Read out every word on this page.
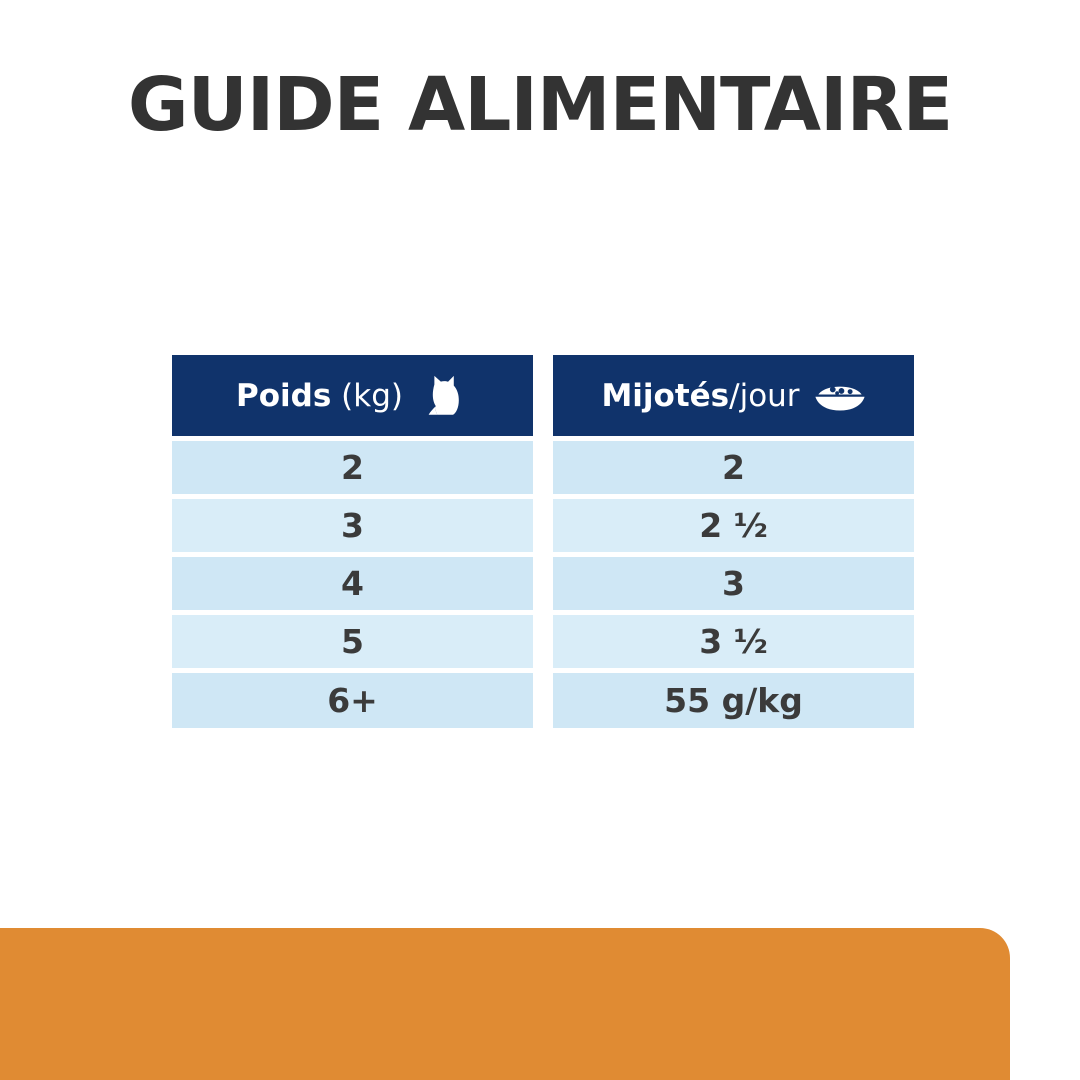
GUIDE ALIMENTAIRE
Poids (kg)
2
3
4
5
6+
Mijotés/jour
2
2 ½
3
3 ½
55 g/kg
